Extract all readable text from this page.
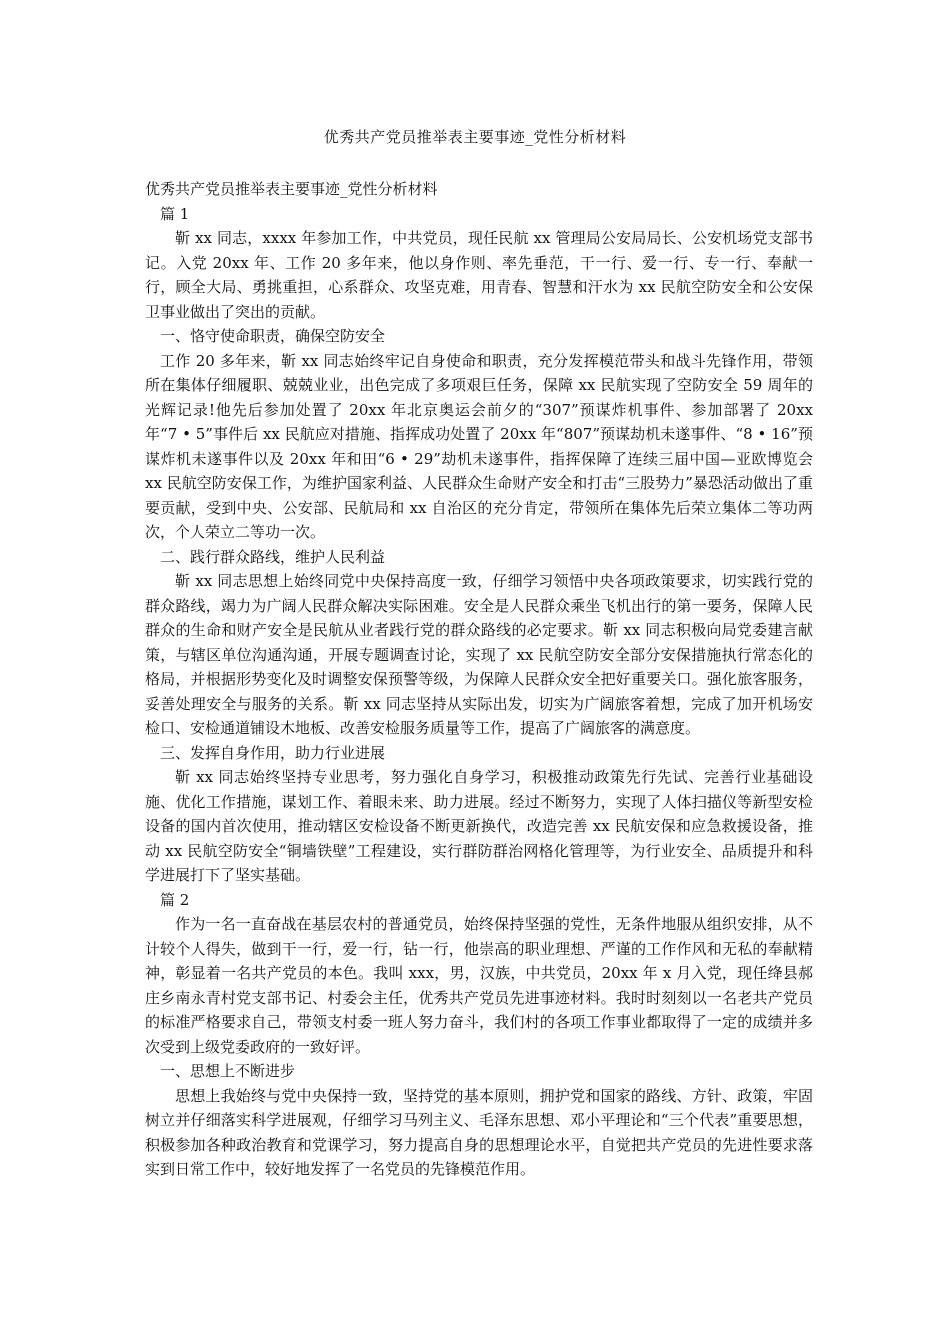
优秀共产党员推举表主要事迹_党性分析材料

优秀共产党员推举表主要事迹_党性分析材料

篇 1

靳 xx 同志，xxxx 年参加工作，中共党员，现任民航 xx 管理局公安局局长、公安机场党支部书记。入党 20xx 年、工作 20 多年来，他以身作则、率先垂范，干一行、爱一行、专一行、奉献一行，顾全大局、勇挑重担，心系群众、攻坚克难，用青春、智慧和汗水为 xx 民航空防安全和公安保卫事业做出了突出的贡献。

一、恪守使命职责，确保空防安全

工作 20 多年来，靳 xx 同志始终牢记自身使命和职责，充分发挥模范带头和战斗先锋作用，带领所在集体仔细履职、兢兢业业，出色完成了多项艰巨任务，保障 xx 民航实现了空防安全 59 周年的光辉记录!他先后参加处置了 20xx 年北京奥运会前夕的“307”预谋炸机事件、参加部署了 20xx 年“7 • 5”事件后 xx 民航应对措施、指挥成功处置了 20xx 年“807”预谋劫机未遂事件、“8 • 16”预谋炸机未遂事件以及 20xx 年和田“6 • 29”劫机未遂事件，指挥保障了连续三届中国—亚欧博览会 xx 民航空防安保工作，为维护国家利益、人民群众生命财产安全和打击“三股势力”暴恐活动做出了重要贡献，受到中央、公安部、民航局和 xx 自治区的充分肯定，带领所在集体先后荣立集体二等功两次，个人荣立二等功一次。

二、践行群众路线，维护人民利益

靳 xx 同志思想上始终同党中央保持高度一致，仔细学习领悟中央各项政策要求，切实践行党的群众路线，竭力为广阔人民群众解决实际困难。安全是人民群众乘坐飞机出行的第一要务，保障人民群众的生命和财产安全是民航从业者践行党的群众路线的必定要求。靳 xx 同志积极向局党委建言献策，与辖区单位沟通沟通，开展专题调查讨论，实现了 xx 民航空防安全部分安保措施执行常态化的格局，并根据形势变化及时调整安保预警等级，为保障人民群众安全把好重要关口。强化旅客服务，妥善处理安全与服务的关系。靳 xx 同志坚持从实际出发，切实为广阔旅客着想，完成了加开机场安检口、安检通道铺设木地板、改善安检服务质量等工作，提高了广阔旅客的满意度。

三、发挥自身作用，助力行业进展

靳 xx 同志始终坚持专业思考，努力强化自身学习，积极推动政策先行先试、完善行业基础设施、优化工作措施，谋划工作、着眼未来、助力进展。经过不断努力，实现了人体扫描仪等新型安检设备的国内首次使用，推动辖区安检设备不断更新换代，改造完善 xx 民航安保和应急救援设备，推动 xx 民航空防安全“铜墙铁壁”工程建设，实行群防群治网格化管理等，为行业安全、品质提升和科学进展打下了坚实基础。

篇 2

作为一名一直奋战在基层农村的普通党员，始终保持坚强的党性，无条件地服从组织安排，从不计较个人得失，做到干一行，爱一行，钻一行，他崇高的职业理想、严谨的工作作风和无私的奉献精神，彰显着一名共产党员的本色。我叫 xxx，男，汉族，中共党员，20xx 年 x 月入党，现任绛县郝庄乡南永青村党支部书记、村委会主任，优秀共产党员先进事迹材料。我时时刻刻以一名老共产党员的标准严格要求自己，带领支村委一班人努力奋斗，我们村的各项工作事业都取得了一定的成绩并多次受到上级党委政府的一致好评。

一、思想上不断进步

思想上我始终与党中央保持一致，坚持党的基本原则，拥护党和国家的路线、方针、政策，牢固树立并仔细落实科学进展观，仔细学习马列主义、毛泽东思想、邓小平理论和“三个代表”重要思想，积极参加各种政治教育和党课学习，努力提高自身的思想理论水平，自觉把共产党员的先进性要求落实到日常工作中，较好地发挥了一名党员的先锋模范作用。
